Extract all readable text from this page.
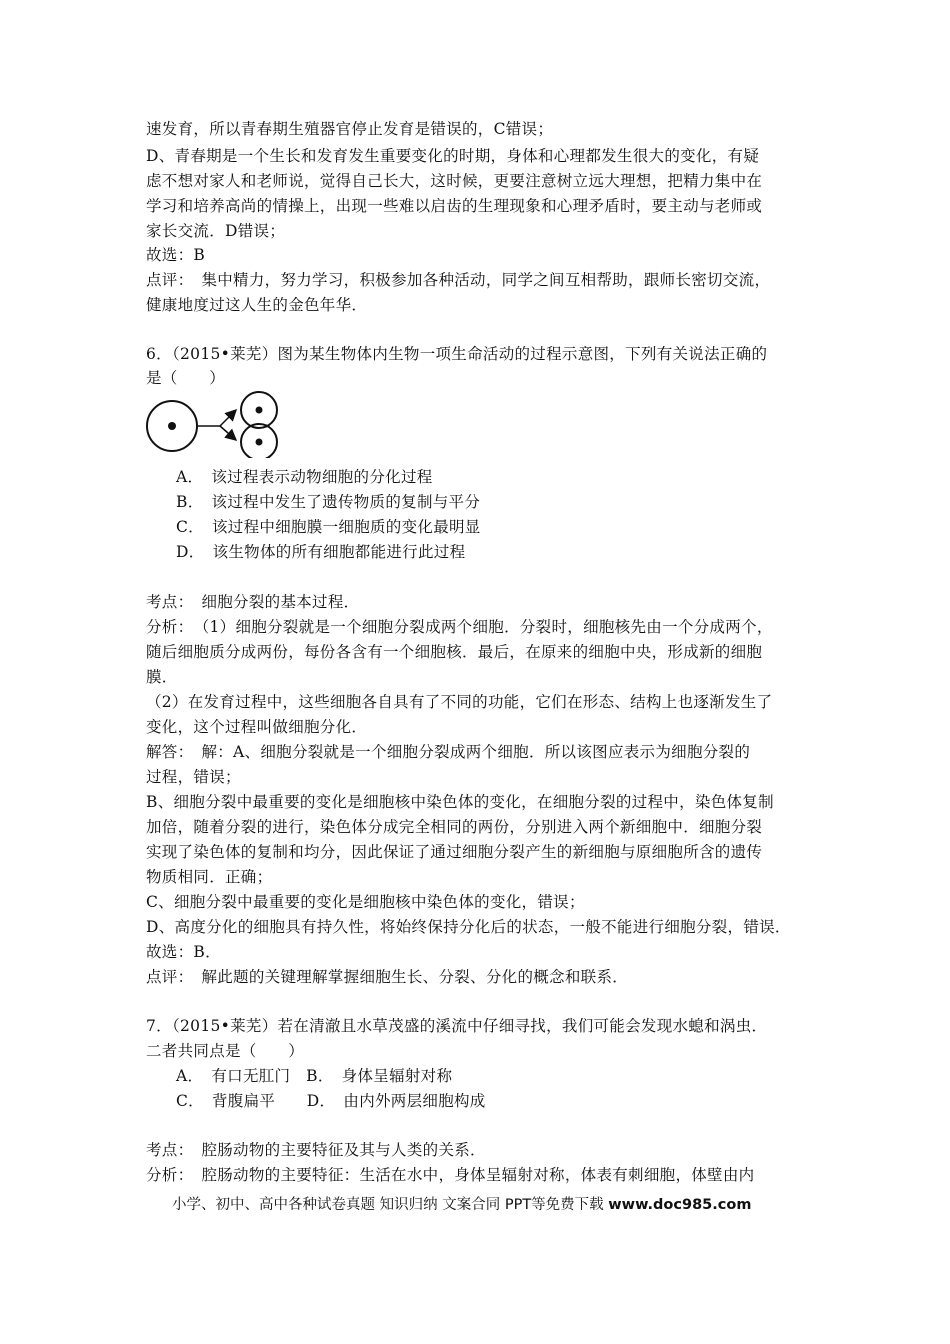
速发育，所以青春期生殖器官停止发育是错误的，C错误；
D、青春期是一个生长和发育发生重要变化的时期，身体和心理都发生很大的变化，有疑
虑不想对家人和老师说，觉得自己长大，这时候，更要注意树立远大理想，把精力集中在
学习和培养高尚的情操上，出现一些难以启齿的生理现象和心理矛盾时，要主动与老师或
家长交流．D错误；
故选：B
点评：　集中精力，努力学习，积极参加各种活动，同学之间互相帮助，跟师长密切交流，
健康地度过这人生的金色年华．
6．（2015•莱芜）图为某生物体内生物一项生命活动的过程示意图，下列有关说法正确的
是（　　）
A．　该过程表示动物细胞的分化过程
B．　该过程中发生了遗传物质的复制与平分
C．　该过程中细胞膜一细胞质的变化最明显
D．　该生物体的所有细胞都能进行此过程
考点：　细胞分裂的基本过程．
分析：　（1）细胞分裂就是一个细胞分裂成两个细胞．分裂时，细胞核先由一个分成两个，
随后细胞质分成两份，每份各含有一个细胞核．最后，在原来的细胞中央，形成新的细胞
膜．
（2）在发育过程中，这些细胞各自具有了不同的功能，它们在形态、结构上也逐渐发生了
变化，这个过程叫做细胞分化．
解答：　解：A、细胞分裂就是一个细胞分裂成两个细胞．所以该图应表示为细胞分裂的
过程，错误；
B、细胞分裂中最重要的变化是细胞核中染色体的变化，在细胞分裂的过程中，染色体复制
加倍，随着分裂的进行，染色体分成完全相同的两份，分别进入两个新细胞中．细胞分裂
实现了染色体的复制和均分，因此保证了通过细胞分裂产生的新细胞与原细胞所含的遗传
物质相同．正确；
C、细胞分裂中最重要的变化是细胞核中染色体的变化，错误；
D、高度分化的细胞具有持久性，将始终保持分化后的状态，一般不能进行细胞分裂，错误．
故选：B．
点评：　解此题的关键理解掌握细胞生长、分裂、分化的概念和联系．
7．（2015•莱芜）若在清澈且水草茂盛的溪流中仔细寻找，我们可能会发现水螅和涡虫．
二者共同点是（　　）
A．　有口无肛门　B．　身体呈辐射对称
C．　背腹扁平　　D．　由内外两层细胞构成
考点：　腔肠动物的主要特征及其与人类的关系．
分析：　腔肠动物的主要特征：生活在水中，身体呈辐射对称，体表有刺细胞，体壁由内
小学、初中、高中各种试卷真题 知识归纳 文案合同 PPT等免费下载 www.doc985.com
